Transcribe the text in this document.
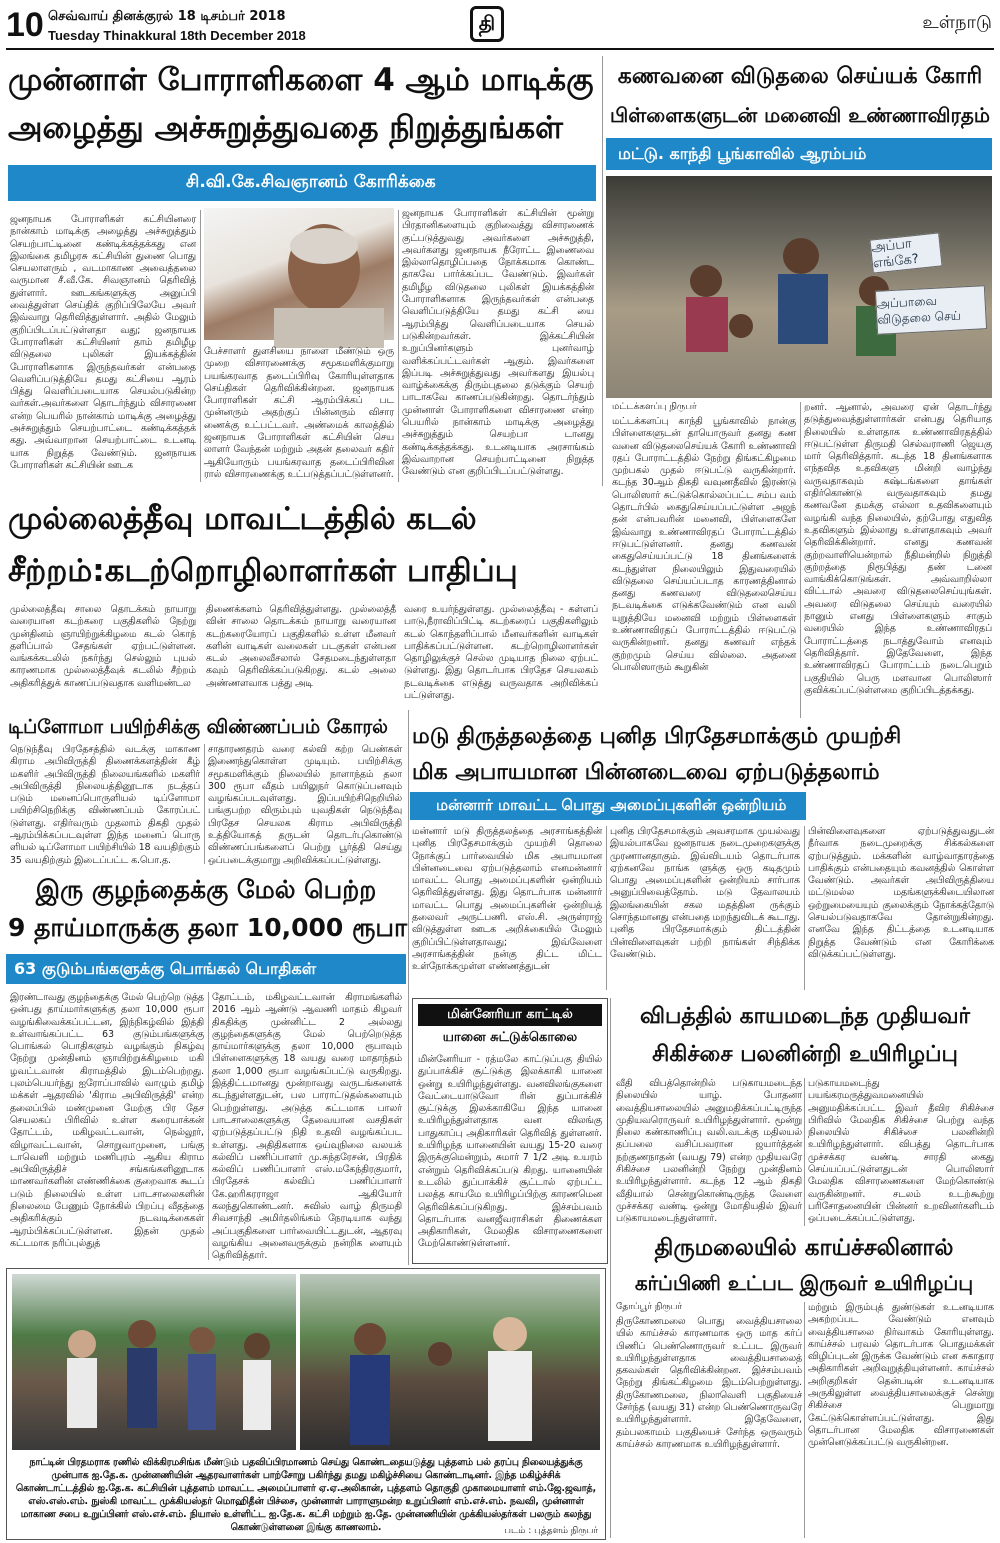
10 செவ்வாய் தினக்குரல் 18 டிசம்பர் 2018
Tuesday Thinakkural 18th December 2018
தி	உள்நாடு
முன்னாள் போராளிகளை 4 ஆம் மாடிக்கு
அழைத்து அச்சுறுத்துவதை நிறுத்துங்கள்
சி.வி.கே.சிவஞானம் கோரிக்கை
ஜனநாயக போராளிகள் கட்சியினரை நான்காம் மாடிக்கு அழைத்து அச்சுறுத்தும் செயற்பாட்டினை கண்டிக்கத்தக்கது என இலங்கை தமிழரசு கட்சியின் துணை பொது செயலாளரும் , வடமாகாண அவைத்தலை வருமான சீ.வீ.கே. சிவஞானம் தெரிவித் துள்ளார். ஊடகங்களுக்கு அனுப்பி வைத்துள்ள செய்திக் குறிப்பிலேயே அவர் இவ்வாறு தெரிவித்துள்ளார். அதில் மேலும் குறிப்பிடப்பட்டுள்ளதா வது; ஜனநாயக போராளிகள் கட்சியினர் தாம் தமிழீழ விடுதலை புலிகள் இயக்கத்தின் போராளிகளாக இருந்தவர்கள் என்பதை வெளிப்படுத்தியே தமது கட்சியை ஆரம் பித்து வெளிப்படையாக செயல்படுகின்ற வர்கள்.அவர்களை தொடர்ந்தும் விசாரணை என்ற பெயரில் நான்காம் மாடிக்கு அழைத்து அச்சுறுத்தும் செயற்பாட்டை கண்டிக்கத்தக் கது. அவ்வாறான செயற்பாட்டை உடனடி யாக நிறுத்த வேண்டும். ஜனநாயக போராளிகள் கட்சியின் ஊடக
பேச்சாளர் துளசியை நாளை மீண்டும் ஒரு முறை விசாரணைக்கு சமூகமளிக்குமாறு பயங்கரவாத தடைப்பிரிவு கோரியுள்ளதாக செய்திகள் தெரிவிக்கின்றன. ஜனநாயக போராளிகள் கட்சி ஆரம்பிக்கப் பட முன்னரும் அதற்குப் பின்னரும் விசார ணைக்கு உட்பட்டவர். அண்மைக் காலத்தில் ஜனநாயக போராளிகள் கட்சியின் செய லாளர் வேந்தன் மற்றும் அதன் தலைவர் கதிர் ஆகியோரும் பயங்கரவாத தடைப்பிரிவின ரால் விசாரணைக்கு உட்படுத்தப்பட்டுள்ளனர்.
ஜனநாயக போராளிகள் கட்சியின் மூன்று பிரதானிகளையும் குறிவைத்து விசாரணைக் குட்படுத்துவது அவர்களை அச்சுறுத்தி, அவர்களது ஜனநாயக நீரோட்ட இணைவை இல்லாதொழிப்பதை நோக்கமாக கொண்ட தாகவே பார்க்கப்பட வேண்டும். இவர்கள் தமிழீழ விடுதலை புலிகள் இயக்கத்தின் போராளிகளாக இருந்தவர்கள் என்பதை வெளிப்படுத்தியே தமது கட்சி யை ஆரம்பித்து வெளிப்படையாக செயல் படுகின்றவர்கள். இக்கட்சியின் உறுப்பினர்களும் புனர்வாழ் வளிக்கப்பட்டவர்கள் ஆகும். இவர்களை இப்படி அச்சுறுத்துவது அவர்களது இயல்பு வாழ்க்கைக்கு திரும்புதலை தடுக்கும் செயற் பாடாகவே காணப்படுகின்றது. தொடர்ந்தும் முன்னாள் போராளிகளை விசாரணை என்ற பெயரில் நான்காம் மாடிக்கு அழைத்து அச்சுறுத்தும் செயற்பா டானது கண்டிக்கத்தக்கது. உடனடியாக அரசாங்கம் இவ்வாறான செயற்பாட்டினை நிறுத்த வேண்டும் என குறிப்பிடப்பட்டுள்ளது.
கணவனை விடுதலை செய்யக் கோரி
பிள்ளைகளுடன் மனைவி உண்ணாவிரதம்
மட்டு. காந்தி பூங்காவில் ஆரம்பம்
அப்பா எங்கே?
அப்பாவை விடுதலை செய்
மட்டக்களப்பு நிருபர்
மட்டக்களப்பு காந்தி பூங்காவில் நான்கு பிள்ளைகளுடன் தாயொருவர் தனது கண வனை விடுதலைசெய்யக் கோரி உண்ணாவி ரதப் போராட்டத்தில் நேற்று திங்கட்கிழமை முற்பகல் முதல் ஈடுபட்டு வருகின்றார். கடந்த 30ஆம் திகதி வவுணதீவில் இரண்டு பொலிஸார் சுட்டுக்கொல்லப்பட்ட சம்ப வம் தொடர்பில் கைதுசெய்யப்பட்டுள்ள அஜந் தன் என்பவரின் மனைவி, பிள்ளைகளே இவ்வாறு உண்ணாவிரதப் போராட்டத்தில் ஈடுபட்டுள்ளனர். தனது கணவன் கைதுசெய்யப்பட்டு 18 தினங்களைக் கடந்துள்ள நிலையிலும் இதுவரையில் விடுதலை செய்யப்படாத காரணத்தினால் தனது கணவரை விடுதலைசெய்ய நடவடிக்கை எடுக்கவேண்டும் என வலி யுறுத்தியே மனைவி மற்றும் பிள்ளைகள் உண்ணாவிரதப் போராட்டத்தில் ஈடுபட்டு வருகின்றனர். தனது கணவர் எந்தக் குற்றமும் செய்ய வில்லை. அதனை பொலிஸாரும் கூறுகின்
றனர். ஆனால், அவரை ஏன் தொடர்ந்து தடுத்துவைத்துள்ளார்கள் என்பது தெரியாத நிலையில் உள்ளதாக உண்ணாவிரதத்தில் ஈடுபட்டுள்ள திருமதி செல்வராணி ஜெயகு மார் தெரிவித்தார். கடந்த 18 தினங்களாக எந்தவித உதவிகளு மின்றி வாழ்ந்து வருவதாகவும் கஷ்டங்களை தாங்கள் எதிர்கொண்டு வருவதாகவும் தமது கணவனே தமக்கு எல்லா உதவிகளையும் வழங்கி வந்த நிலையில், தற்போது எதுவித உதவிகளும் இல்லாது உள்ளதாகவும் அவர் தெரிவிக்கின்றார். எனது கணவன் குற்றவாளியென்றால் நீதிமன்றில் நிறுத்தி குற்றத்தை நிரூபித்து தண் டனை வாங்கிக்கொடுங்கள். அவ்வாறில்லா விட்டால் அவரை விடுதலைசெய்யுங்கள். அவரை விடுதலை செய்யும் வரையில் நானும் எனது பிள்ளைகளும் சாகும் வரையில் இந்த உண்ணாவிரதப் போராட்டத்தை நடாத்துவோம் எனவும் தெரிவித்தார். இதேவேளை, இந்த உண்ணாவிரதப் போராட்டம் நடைபெறும் பகுதியில் பெரு மளவான பொலிஸார் குவிக்கப்பட்டுள்ளமை குறிப்பிடத்தக்கது.
முல்லைத்தீவு மாவட்டத்தில் கடல்
சீற்றம்:கடற்றொழிலாளர்கள் பாதிப்பு
முல்லைத்தீவு சாலை தொடக்கம் நாயாறு வரையான கடற்கரை பகுதிகளில் நேற்று முன்தினம் ஞாயிற்றுக்கிழமை கடல் கொந் தளிப்பால் சேதங்கள் ஏற்பட்டுள்ளன. வங்கக்கடலில் நகர்ந்து செல்லும் புயல் காரணமாக முல்லைத்தீவுக் கடலில் சீற்றம் அதிகரித்துக் காணப்படுவதாக வளிமண்டல
திணைக்களம் தெரிவித்துள்ளது. முல்லைத்தீ வின் சாலை தொடக்கம் நாயாறு வரையான கடற்கரையோரப் பகுதிகளில் உள்ள மீனவர் களின் வாடிகள் வலைகள் படகுகள் என்பன கடல் அலைவீசலால் சேதமடைந்துள்ளதா கவும் தெரிவிக்கப்படுகிறது. கடல் அலை அண்ணளவாக பத்து அடி
வரை உயர்ந்துள்ளது. முல்லைத்தீவு - கள்ளப் பாடு,நீராவிப்பிட்டி கடற்கரைப் பகுதிகளிலும் கடல் கொந்தளிப்பால் மீனவர்களின் வாடிகள் பாதிக்கப்பட்டுள்ளன. கடற்றொழிலாளர்கள் தொழிலுக்குச் செல்ல முடியாத நிலை ஏற்பட் டுள்ளது. இது தொடர்பாக பிரதேச செயலகம் நடவடிக்கை எடுத்து வருவதாக அறிவிக்கப் பட்டுள்ளது.
டிப்ளோமா பயிற்சிக்கு விண்ணப்பம் கோரல்
நெடுந்தீவு பிரதேசத்தில் வடக்கு மாகாண கிராம அபிவிருத்தி திணைக்களத்தின் கீழ் மகளிர் அபிவிருத்தி நிலையங்களில் மகளிர் அபிவிருத்தி நிலையத்தினூடாக நடத்தப் படும் மனைப்பொருளியல் டிப்ளோமா பயிற்சிநெறிக்கு விண்ணப்பம் கோரப்பட் டுள்ளது. எதிர்வரும் முதலாம் திகதி முதல் ஆரம்பிக்கப்படவுள்ள இந்த மனைப் பொரு ளியல் டிப்ளோமா பயிற்சியில் 18 வயதிற்கும் 35 வயதிற்கும் இடைப்பட்ட க.பொ.த.
சாதாரணதரம் வரை கல்வி கற்ற பெண்கள் இணைந்துகொள்ள முடியும். பயிற்சிக்கு சமூகமளிக்கும் நிலையில் நாளாந்தம் தலா 300 ரூபா வீதம் பயிலுநர் கொடுப்பனவும் வழங்கப்படவுள்ளது. இப்பயிற்சிநெறியில் பங்குபற்ற விரும்பும் யுவதிகள் நெடுந்தீவு பிரதேச செயலக கிராம அபிவிருத்தி உத்தியோகத் தருடன் தொடர்புகொண்டு விண்ணப்பங்களைப் பெற்று பூர்த்தி செய்து ஒப்படைக்குமாறு அறிவிக்கப்பட்டுள்ளது.
இரு குழந்தைக்கு மேல் பெற்ற
9 தாய்மாருக்கு தலா 10,000 ரூபா
63 குடும்பங்களுக்கு பொங்கல் பொதிகள்
இரண்டாவது குழந்தைக்கு மேல் பெற்றெ டுத்த ஒன்பது தாய்மார்களுக்கு தலா 10,000 ரூபா வழங்கிவைக்கப்பட்டன, இந்நிகழ்வில் இத்தி உள்வாங்கப்பட்ட 63 குடும்பங்களுக்கு பொங்கல் பொதிகளும் வழங்கும் நிகழ்வு நேற்று முன்தினம் ஞாயிற்றுக்கிழமை மகி ழவட்டவான் கிராமத்தில் இடம்பெற்றது. புலம்பெயர்ந்து ஐரோப்பாவில் வாழும் தமிழ் மக்கள் ஆதரவில் 'கிராம அபிவிருத்தி' என்ற தலைப்பில் மண்முனை மேற்கு பிர தேச செயலகப் பிரிவில் உள்ள கரையாக்கன் தோட்டம், மகிழவட்டவான், நெல்லூர், விழாவட்டவான், சொறுவாமுனை, பங்கு டாவெளி மற்றும் மணிபுரம் ஆகிய கிராம அபிவிருத்திச் சங்கங்களினூடாக மாணவர்களின் எண்ணிக்கை குறைவாக கூடப் படும் நிலையில் உள்ள பாடசாலைகளின் நிலைமை பேணும் நோக்கில் பிறப்பு வீதத்தை அதிகரிக்கும் நடவடிக்கைகள் ஆரம்பிக்கப்பட்டுள்ளன. இதன் முதல் கட்டமாக நரிப்புல்துத்
தோட்டம், மகிழவட்டவான் கிராமங்களில் 2016 ஆம் ஆண்டு ஆவணி மாதம் கிழவர் திகதிக்கு முன்னிட்ட 2 அல்லது குழந்தைகளுக்கு மேல் பெற்றெடுத்த தாய்மார்களுக்கு தலா 10,000 ரூபாவும் பிள்ளைகளுக்கு 18 வயது வரை மாதாந்தம் தலா 1,000 ரூபா வழங்கப்பட்டு வருகிறது. இத்திட்டமானது மூன்றாவது வருடங்களைக் கடந்துள்ளதுடன், பல பாராட்டுதல்களையும் பெற்றுள்ளது. அடுத்த கட்டமாக பாலர் பாடசாலைகளுக்கு தேவையான வசதிகள் ஏற்படுத்தப்பட்டு நிதி உதவி வழங்கப்பட உள்ளது. அதிதிகளாக ஒய்வுநிலை வலயக் கல்விப் பணிப்பாளர் மு.சுந்தரேசன், பிரதிக் கல்விப் பணிப்பாளர் எஸ்.மகேந்திரகுமார், பிரதேசக் கல்விப் பணிப்பாளர் கே.ஹரிகரராஜா ஆகியோர் கலந்துகொண்டனர். சுவிஸ் வாழ் திருமதி சிவசாந்தி அமிர்தலிங்கம் நேரடியாக வந்து அப்பகுதிகளை பார்வையிட்டதுடன், ஆதரவு வழங்கிய அனைவருக்கும் நன்றிக ளையும் தெரிவித்தார்.
மடு திருத்தலத்தை புனித பிரதேசமாக்கும் முயற்சி
மிக அபாயமான பின்னடைவை ஏற்படுத்தலாம்
மன்னார் மாவட்ட பொது அமைப்புகளின் ஒன்றியம்
மன்னார் மடு திருத்தலத்தை அரசாங்கத்தின் புனித பிரதேசமாக்கும் முயற்சி தொலை நோக்குப் பார்வையில் மிக அபாயமான பின்னடைவை ஏற்படுத்தலாம் எனமன்னார் மாவட்ட பொது அமைப்புகளின் ஒன்றியம் தெரிவித்துள்ளது. இது தொடர்பாக மன்னார் மாவட்ட பொது அமைப்புகளின் ஒன்றியத் தலைவர் அருட்பணி. எஸ்.சி. அருள்ராஜ் விடுத்துள்ள ஊடக அறிக்கையில் மேலும் குறிப்பிட்டுள்ளதாவது; இவ்வேளை அரசாங்கத்தின் நன்கு திட்ட மிட்ட உள்நோக்கமுள்ள எண்ணத்துடன்
புனித பிரதேசமாக்கும் அவசரமாக முயல்வது இயல்பாகவே ஜனநாயக நடைமுறைகளுக்கு முரணானதாகும். இவ்விடயம் தொடர்பாக ஏற்கனவே நாங்க ளுக்கு ஒரு கடிதமும் பொது அமைப்புகளின் ஒன்றியம் சார்பாக அனுப்பிவைத்தோம். மடு தேவாலயம் இலங்கையின் சகல மதத்தின ருக்கும் சொந்தமானது என்பதை மறந்துவிடக் கூடாது. புனித பிரதேசமாக்கும் திட்டத்தின் பின்விளைவுகள் பற்றி நாங்கள் சிந்திக்க வேண்டும்.
பின்விளைவுகளை ஏற்படுத்துவதுடன் நீர்வாக நடைமுறைக்கு சிக்கல்களை ஏற்படுத்தும். மக்களின் வாழ்வாதாரத்தை பாதிக்கும் என்பதையும் கவனத்தில் கொள்ள வேண்டும். அவர்கள் அபிவிருத்தியை மட்டுமல்ல மதங்களுக்கிடையிலான ஒற்றுமையையும் குலைக்கும் நோக்கத்தோடு செயல்படுவதாகவே தோன்றுகின்றது. எனவே இந்த திட்டத்தை உடனடியாக நிறுத்த வேண்டும் என கோரிக்கை விடுக்கப்பட்டுள்ளது.
மின்னேரியா காட்டில்
யானை சுட்டுக்கொலை
மின்னேரியா - ரத்மலே காட்டுப்பகு தியில் துப்பாக்கிச் சூட்டுக்கு இலக்காகி யானை ஒன்று உயிரிழந்துள்ளது. வனவிலங்குகளை வேட்டையாடுவோ ரின் துப்பாக்கிச் சூட்டுக்கு இலக்காகியே இந்த யானை உயிரிழந்துள்ளதாக வன விலங்கு பாதுகாப்பு அதிகாரிகள் தெரிவித் துள்ளனர். உயிரிழந்த யானையின் வயது 15-20 வரை இருக்குமென்றும், சுமார் 7 1/2 அடி உயரம் என்றும் தெரிவிக்கப்படு கிறது. யானையின் உடலில் துப்பாக்கிச் சூட்டால் ஏற்பட்ட பலத்த காயமே உயிரிழப்பிற்கு காரணமென தெரிவிக்கப்படுகிறது. இச்சம்பவம் தொடர்பாக வனஜீவராசிகள் திணைக்கள அதிகாரிகள், மேலதிக விசாரணைகளை மேற்கொண்டுள்ளனர்.
விபத்தில் காயமடைந்த முதியவர்
சிகிச்சை பலனின்றி உயிரிழப்பு
வீதி விபத்தொன்றில் படுகாயமடைந்த நிலையில் யாழ். போதனா வைத்தியசாலையில் அனுமதிக்கப்பட்டிருந்த முதியவரொருவர் உயிரிழந்துள்ளார். மூன்று நிலை கண்காணிப்பு வலி.வடக்கு மதிலயல் தப்பலை வசிப்பவரான ஜயார்த்தன் நற்குணநாதன் (வயது 79) என்ற முதியவரே சிகிச்சை பலனின்றி நேற்று முன்தினம் உயிரிழந்துள்ளார். கடந்த 12 ஆம் திகதி வீதியால் சென்றுகொண்டிருந்த வேளை முச்சக்கர வண்டி ஒன்று மோதியதில் இவர் படுகாயமடைந்துள்ளார்.
படுகாயமடைந்து பயங்கரமருத்துவமனையில் அனுமதிக்கப்பட்ட இவர் தீவிர சிகிச்சை பிரிவில் மேலதிக சிகிச்சை பெற்று வந்த நிலையில் சிகிச்சை பலனின்றி உயிரிழந்துள்ளார். விபத்து தொடர்பாக முச்சக்கர வண்டி சாரதி கைது செய்யப்பட்டுள்ளதுடன் பொலிஸார் மேலதிக விசாரணைகளை மேற்கொண்டு வருகின்றனர். சடலம் உடற்கூற்று பரிசோதனையின் பின்னர் உறவினர்களிடம் ஒப்படைக்கப்பட்டுள்ளது.
திருமலையில் காய்ச்சலினால்
கர்ப்பிணி உட்பட இருவர் உயிரிழப்பு
தோப்பூர் நிருபர்
திருகோணமலை பொது வைத்தியசாலை யில் காய்ச்சல் காரணமாக ஒரு மாத கர்ப் பிணிப் பெண்ணொருவர் உட்பட இருவர் உயிரிழந்துள்ளதாக வைத்தியசாலைத் தகவல்கள் தெரிவிக்கின்றன. இச்சம்பவம் நேற்று திங்கட்கிழமை இடம்பெற்றுள்ளது. திருகோணமலை, நிலாவெளி பகுதியைச் சேர்ந்த (வயது 31) என்ற பெண்ணொருவரே உயிரிழந்துள்ளார். இதேவேளை, தம்பலகாமம் பகுதியைச் சேர்ந்த ஒருவரும் காய்ச்சல் காரணமாக உயிரிழந்துள்ளார்.
மற்றும் இரும்புத் துண்டுகள் உடனடியாக அகற்றப்பட வேண்டும் எனவும் வைத்தியசாலை நிர்வாகம் கோரியுள்ளது. காய்ச்சல் பரவல் தொடர்பாக பொதுமக்கள் விழிப்புடன் இருக்க வேண்டும் என சுகாதார அதிகாரிகள் அறிவுறுத்தியுள்ளனர். காய்ச்சல் அறிகுறிகள் தென்படின் உடனடியாக அருகிலுள்ள வைத்தியசாலைக்குச் சென்று சிகிச்சை பெறுமாறு கேட்டுக்கொள்ளப்பட்டுள்ளது. இது தொடர்பான மேலதிக விசாரணைகள் முன்னெடுக்கப்பட்டு வருகின்றன.
நாட்டின் பிரதமராக ரணில் விக்கிரமசிங்க மீண்டும் பதவிப்பிரமாணம் செய்து கொண்டதையடுத்து புத்தளம் பல் தரப்பு நிலையத்துக்கு முன்பாக ஐ.தே.க. முன்னணியின் ஆதரவாளர்கள் பாற்சோறு பகிர்ந்து தமது மகிழ்ச்சியை கொண்டாடினர். இந்த மகிழ்ச்சிக் கொண்டாட்டத்தில் ஐ.தே.க. கட்சியின் புத்தளம் மாவட்ட அமைப்பாளர் ஏ.ஏ.அலிகான், புத்தளம் தொகுதி முகாமையாளர் எம்.ஜே.ஜவாத், எஸ்.எஸ்.எம். நுஸ்கி மாவட்ட முக்கியஸ்தர் மொஹிதீன் பிச்சை, முன்னாள் பாராளுமன்ற உறுப்பினர் எம்.எச்.எம். நவவி, முன்னாள் மாகாண சபை உறுப்பினர் எஸ்.எச்.எம். நியாஸ் உள்ளிட்ட ஐ.தே.க. கட்சி மற்றும் ஐ.தே. முன்னணியின் முக்கியஸ்தர்கள் பலரும் கலந்து கொண்டுள்ளனை இங்கு காணலாம்.	படம் : புத்தளம் நிருபர்
